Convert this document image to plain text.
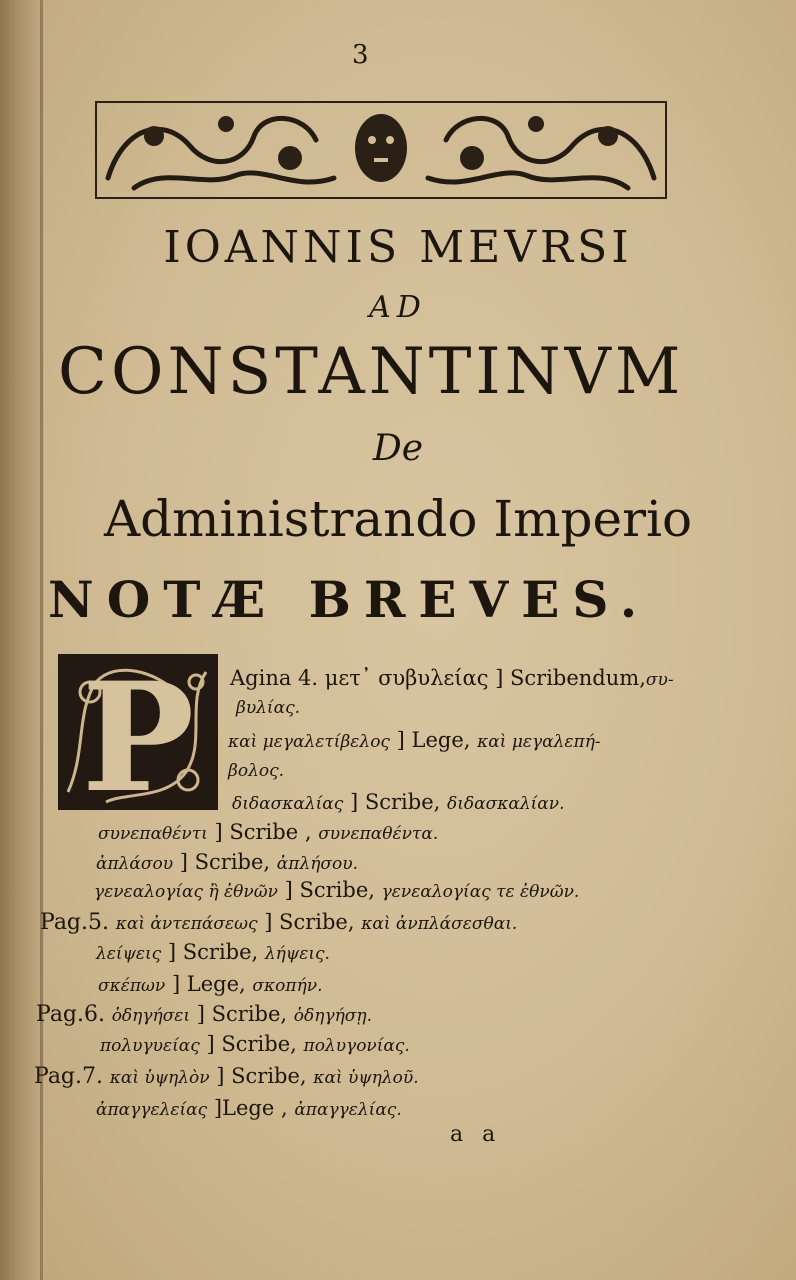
3
IOANNIS MEVRSI
AD
CONSTANTINVM
De
Administrando Imperio
NOTÆ BREVES.
P Agina 4. μετ᾽ συβυλείας ] Scribendum,συ-
βυλίας.
καὶ μεγαλετίβελος ] Lege, καὶ μεγαλεπή-
βολος.
διδασκαλίας ] Scribe, διδασκαλίαν.
συνεπαθέντι ] Scribe , συνεπαθέντα.
ἀπλάσου ] Scribe, ἀπλήσου.
γενεαλογίας ἢ ἐθνῶν ] Scribe, γενεαλογίας τε ἐθνῶν.
Pag.5. καὶ ἀντεπάσεως ] Scribe, καὶ ἀνπλάσεσθαι.
λείψεις ] Scribe, λήψεις.
σκέπων ] Lege, σκοπήν.
Pag.6. ὁδηγήσει ] Scribe, ὁδηγήσῃ.
πολυγυείας ] Scribe, πολυγονίας.
Pag.7. καὶ ὑψηλὸν ] Scribe, καὶ ὑψηλοῦ.
ἀπαγγελείας ]Lege , ἀπαγγελίας.
a a
